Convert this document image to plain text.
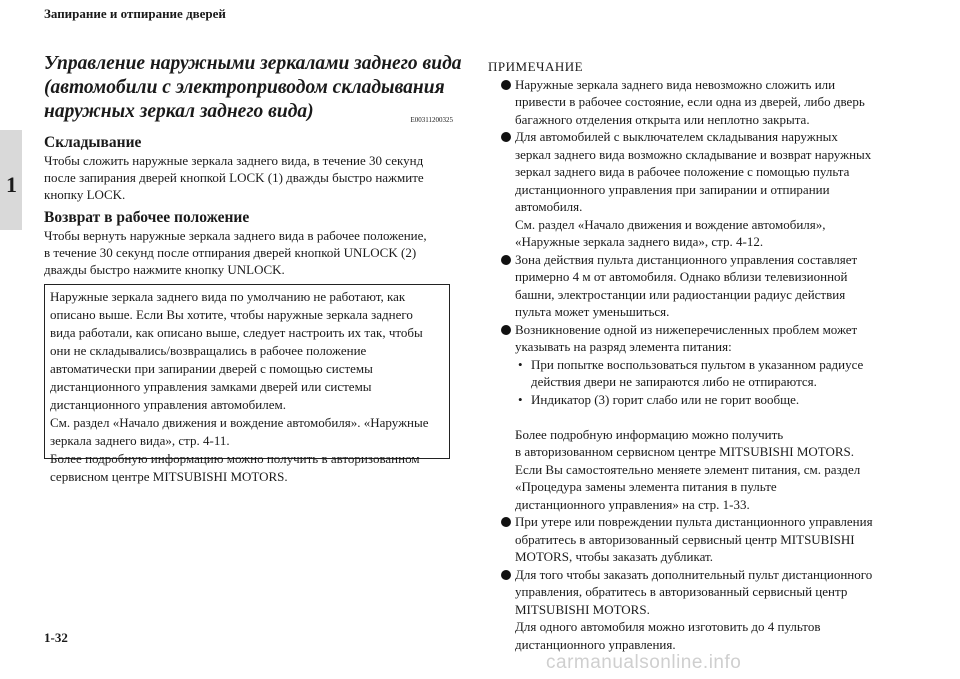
Запирание и отпирание дверей
1
Управление наружными зеркалами заднего вида
(автомобили с электроприводом складывания
наружных зеркал заднего вида)	E00311200325
Складывание
Чтобы сложить наружные зеркала заднего вида, в течение 30 секунд
после запирания дверей кнопкой LOCK (1) дважды быстро нажмите
кнопку LOCK.
Возврат в рабочее положение
Чтобы вернуть наружные зеркала заднего вида в рабочее положение,
в течение 30 секунд после отпирания дверей кнопкой UNLOCK (2)
дважды быстро нажмите кнопку UNLOCK.
Наружные зеркала заднего вида по умолчанию не работают, как
описано выше. Если Вы хотите, чтобы наружные зеркала заднего
вида работали, как описано выше, следует настроить их так, чтобы
они не складывались/возвращались в рабочее положение
автоматически при запирании дверей с помощью системы
дистанционного управления замками дверей или системы
дистанционного управления автомобилем.
См. раздел «Начало движения и вождение автомобиля». «Наружные
зеркала заднего вида», стр. 4-11.
Более подробную информацию можно получить в авторизованном
сервисном центре MITSUBISHI MOTORS.
ПРИМЕЧАНИЕ
Наружные зеркала заднего вида невозможно сложить или
привести в рабочее состояние, если одна из дверей, либо дверь
багажного отделения открыта или неплотно закрыта.
Для автомобилей с выключателем складывания наружных
зеркал заднего вида возможно складывание и возврат наружных
зеркал заднего вида в рабочее положение с помощью пульта
дистанционного управления при запирании и отпирании
автомобиля.
См. раздел «Начало движения и вождение автомобиля»,
«Наружные зеркала заднего вида», стр. 4-12.
Зона действия пульта дистанционного управления составляет
примерно 4 м от автомобиля. Однако вблизи телевизионной
башни, электростанции или радиостанции радиус действия
пульта может уменьшиться.
Возникновение одной из нижеперечисленных проблем может
указывать на разряд элемента питания:
• При попытке воспользоваться пультом в указанном радиусе
действия двери не запираются либо не отпираются.
• Индикатор (3) горит слабо или не горит вообще.
Более подробную информацию можно получить
в авторизованном сервисном центре MITSUBISHI MOTORS.
Если Вы самостоятельно меняете элемент питания, см. раздел
«Процедура замены элемента питания в пульте
дистанционного управления» на стр. 1-33.
При утере или повреждении пульта дистанционного управления
обратитесь в авторизованный сервисный центр MITSUBISHI
MOTORS, чтобы заказать дубликат.
Для того чтобы заказать дополнительный пульт дистанционного
управления, обратитесь в авторизованный сервисный центр
MITSUBISHI MOTORS.
Для одного автомобиля можно изготовить до 4 пультов
дистанционного управления.
1-32
carmanualsonline.info
